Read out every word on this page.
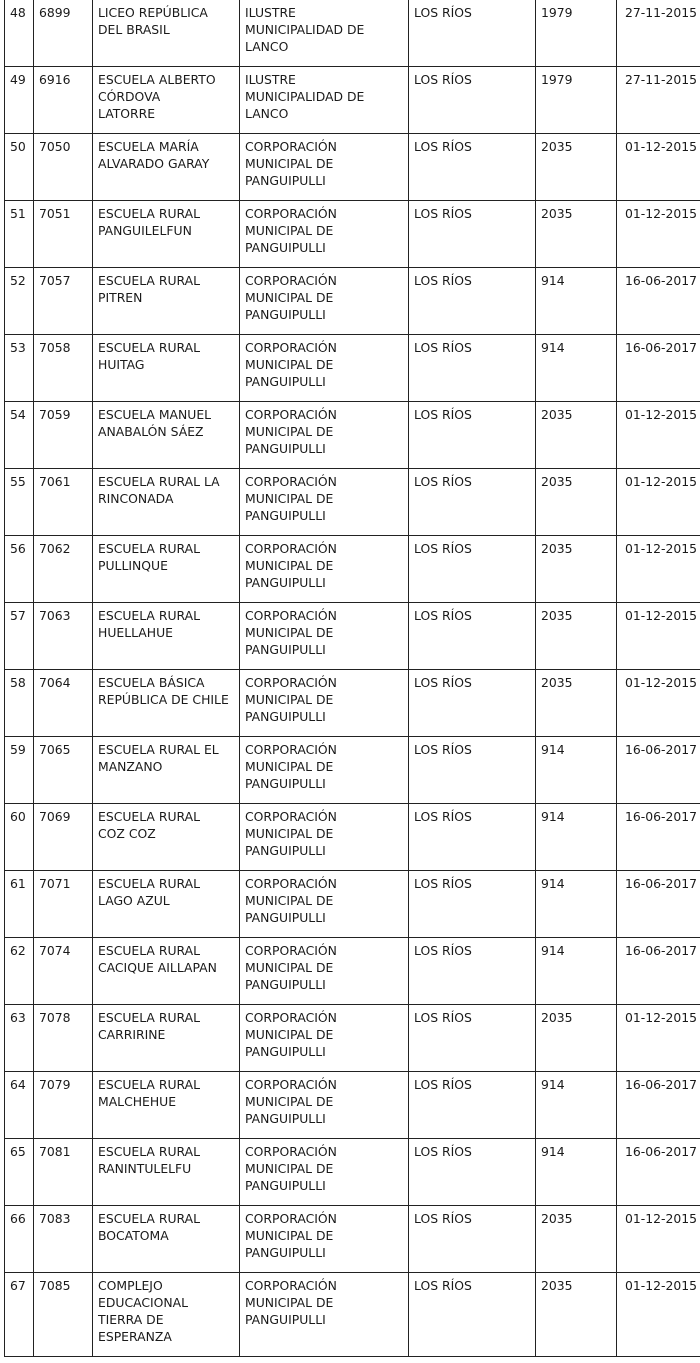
48	6899	LICEO REPÚBLICA
DEL BRASIL	ILUSTRE
MUNICIPALIDAD DE
LANCO	LOS RÍOS	1979	27-11-2015
49	6916	ESCUELA ALBERTO
CÓRDOVA
LATORRE	ILUSTRE
MUNICIPALIDAD DE
LANCO	LOS RÍOS	1979	27-11-2015
50	7050	ESCUELA MARÍA
ALVARADO GARAY	CORPORACIÓN
MUNICIPAL DE
PANGUIPULLI	LOS RÍOS	2035	01-12-2015
51	7051	ESCUELA RURAL
PANGUILELFUN	CORPORACIÓN
MUNICIPAL DE
PANGUIPULLI	LOS RÍOS	2035	01-12-2015
52	7057	ESCUELA RURAL
PITREN	CORPORACIÓN
MUNICIPAL DE
PANGUIPULLI	LOS RÍOS	914	16-06-2017
53	7058	ESCUELA RURAL
HUITAG	CORPORACIÓN
MUNICIPAL DE
PANGUIPULLI	LOS RÍOS	914	16-06-2017
54	7059	ESCUELA MANUEL
ANABALÓN SÁEZ	CORPORACIÓN
MUNICIPAL DE
PANGUIPULLI	LOS RÍOS	2035	01-12-2015
55	7061	ESCUELA RURAL LA
RINCONADA	CORPORACIÓN
MUNICIPAL DE
PANGUIPULLI	LOS RÍOS	2035	01-12-2015
56	7062	ESCUELA RURAL
PULLINQUE	CORPORACIÓN
MUNICIPAL DE
PANGUIPULLI	LOS RÍOS	2035	01-12-2015
57	7063	ESCUELA RURAL
HUELLAHUE	CORPORACIÓN
MUNICIPAL DE
PANGUIPULLI	LOS RÍOS	2035	01-12-2015
58	7064	ESCUELA BÁSICA
REPÚBLICA DE CHILE	CORPORACIÓN
MUNICIPAL DE
PANGUIPULLI	LOS RÍOS	2035	01-12-2015
59	7065	ESCUELA RURAL EL
MANZANO	CORPORACIÓN
MUNICIPAL DE
PANGUIPULLI	LOS RÍOS	914	16-06-2017
60	7069	ESCUELA RURAL
COZ COZ	CORPORACIÓN
MUNICIPAL DE
PANGUIPULLI	LOS RÍOS	914	16-06-2017
61	7071	ESCUELA RURAL
LAGO AZUL	CORPORACIÓN
MUNICIPAL DE
PANGUIPULLI	LOS RÍOS	914	16-06-2017
62	7074	ESCUELA RURAL
CACIQUE AILLAPAN	CORPORACIÓN
MUNICIPAL DE
PANGUIPULLI	LOS RÍOS	914	16-06-2017
63	7078	ESCUELA RURAL
CARRIRINE	CORPORACIÓN
MUNICIPAL DE
PANGUIPULLI	LOS RÍOS	2035	01-12-2015
64	7079	ESCUELA RURAL
MALCHEHUE	CORPORACIÓN
MUNICIPAL DE
PANGUIPULLI	LOS RÍOS	914	16-06-2017
65	7081	ESCUELA RURAL
RANINTULELFU	CORPORACIÓN
MUNICIPAL DE
PANGUIPULLI	LOS RÍOS	914	16-06-2017
66	7083	ESCUELA RURAL
BOCATOMA	CORPORACIÓN
MUNICIPAL DE
PANGUIPULLI	LOS RÍOS	2035	01-12-2015
67	7085	COMPLEJO
EDUCACIONAL
TIERRA DE
ESPERANZA	CORPORACIÓN
MUNICIPAL DE
PANGUIPULLI	LOS RÍOS	2035	01-12-2015
